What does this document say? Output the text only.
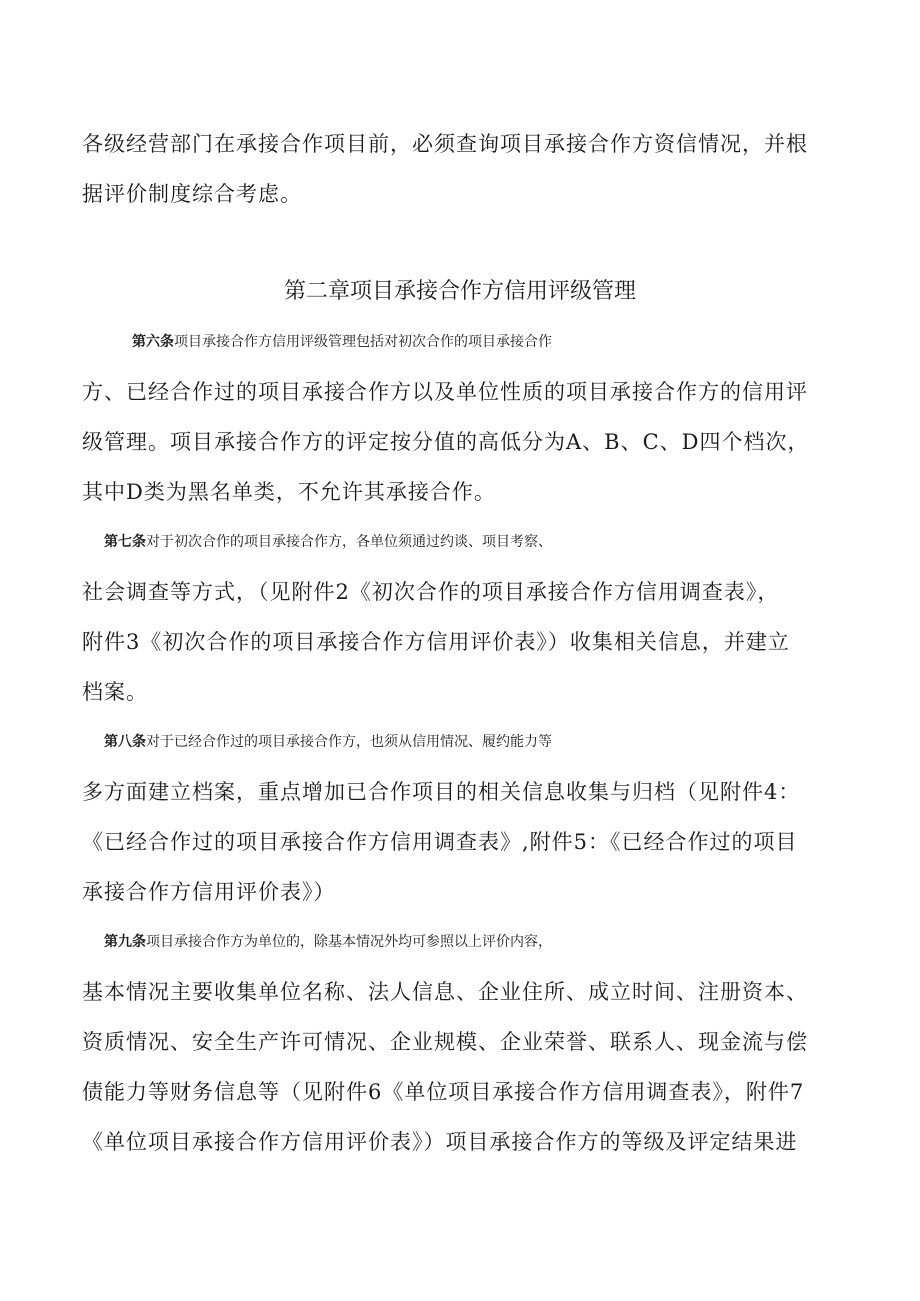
各级经营部门在承接合作项目前，必须查询项目承接合作方资信情况，并根
据评价制度综合考虑。
第二章项目承接合作方信用评级管理
第六条项目承接合作方信用评级管理包括对初次合作的项目承接合作
方、已经合作过的项目承接合作方以及单位性质的项目承接合作方的信用评
级管理。项目承接合作方的评定按分值的高低分为A、B、C、D四个档次，
其中D类为黑名单类，不允许其承接合作。
第七条对于初次合作的项目承接合作方，各单位须通过约谈、项目考察、
社会调查等方式，（见附件2《初次合作的项目承接合作方信用调查表》，
附件3《初次合作的项目承接合作方信用评价表》）收集相关信息，并建立
档案。
第八条对于已经合作过的项目承接合作方，也须从信用情况、履约能力等
多方面建立档案，重点增加已合作项目的相关信息收集与归档（见附件4：
《已经合作过的项目承接合作方信用调查表》,附件5：《已经合作过的项目
承接合作方信用评价表》）
第九条项目承接合作方为单位的，除基本情况外均可参照以上评价内容，
基本情况主要收集单位名称、法人信息、企业住所、成立时间、注册资本、
资质情况、安全生产许可情况、企业规模、企业荣誉、联系人、现金流与偿
债能力等财务信息等（见附件6《单位项目承接合作方信用调查表》，附件7
《单位项目承接合作方信用评价表》）项目承接合作方的等级及评定结果进
